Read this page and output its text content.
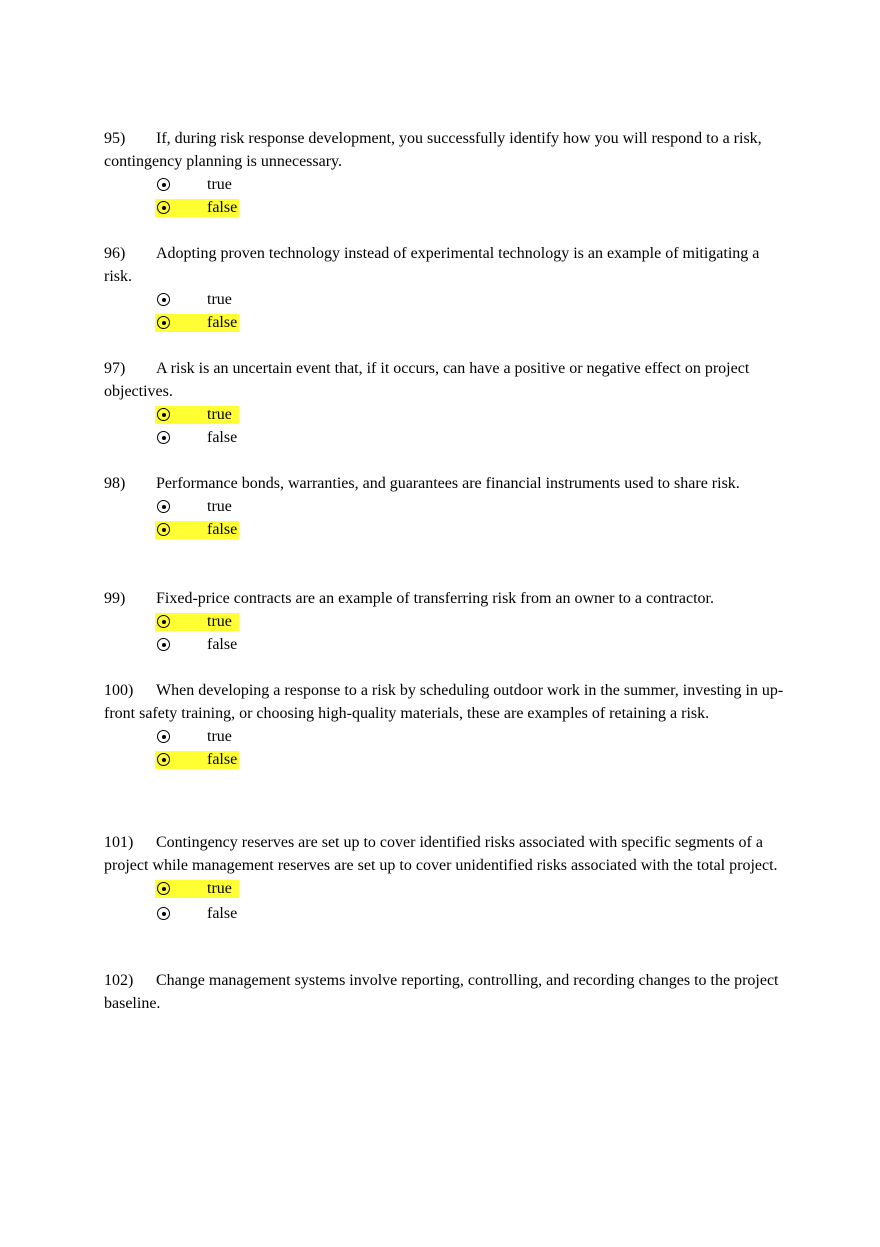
95) If, during risk response development, you successfully identify how you will respond to a risk, contingency planning is unnecessary.

true
false

96) Adopting proven technology instead of experimental technology is an example of mitigating a risk.

true
false

97) A risk is an uncertain event that, if it occurs, can have a positive or negative effect on project objectives.

true
false

98) Performance bonds, warranties, and guarantees are financial instruments used to share risk.

true
false

99) Fixed-price contracts are an example of transferring risk from an owner to a contractor.

true
false

100) When developing a response to a risk by scheduling outdoor work in the summer, investing in up-front safety training, or choosing high-quality materials, these are examples of retaining a risk.

true
false

101) Contingency reserves are set up to cover identified risks associated with specific segments of a project while management reserves are set up to cover unidentified risks associated with the total project.

true
false

102) Change management systems involve reporting, controlling, and recording changes to the project baseline.
